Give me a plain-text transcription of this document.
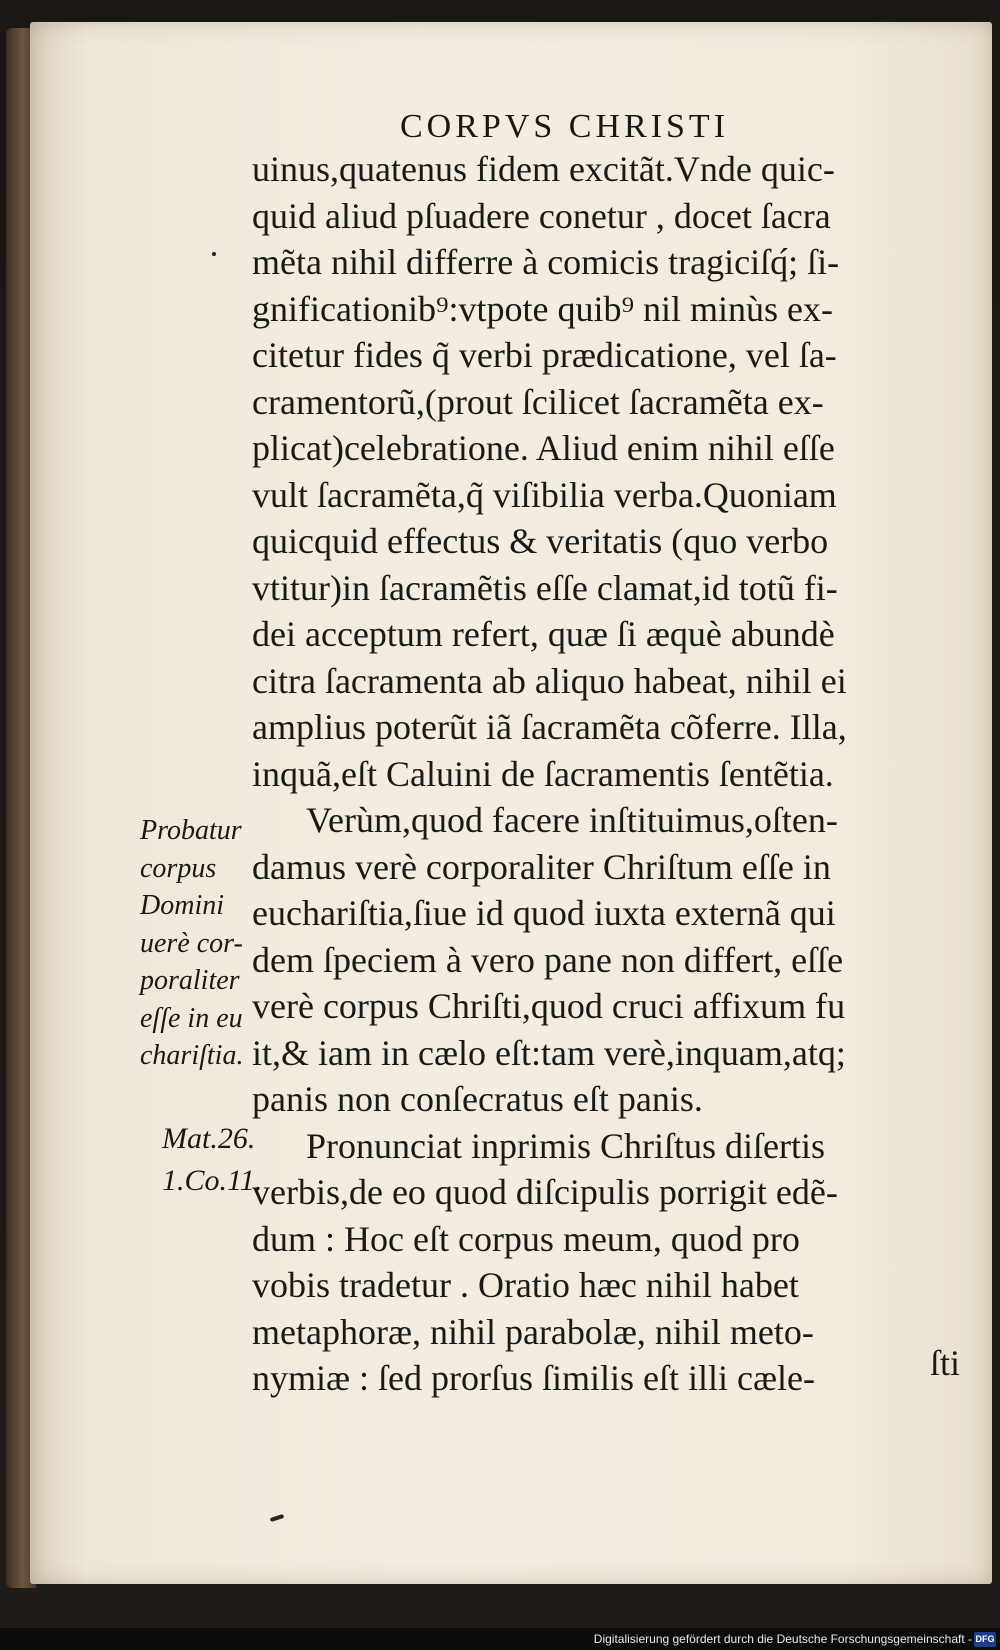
CORPVS CHRISTI
uinus,quatenus fidem excitãt.Vnde quic-
quid aliud pſuadere conetur , docet ſacra
mẽta nihil differre à comicis tragiciſq́; ſi-
gnificationib⁹:vtpote quib⁹ nil minùs ex-
citetur fides q̃ verbi prædicatione, vel ſa-
cramentorũ,(prout ſcilicet ſacramẽta ex-
plicat)celebratione. Aliud enim nihil eſſe
vult ſacramẽta,q̃ viſibilia verba.Quoniam
quicquid effectus & veritatis (quo verbo
vtitur)in ſacramẽtis eſſe clamat,id totũ fi-
dei acceptum refert, quæ ſi æquè abundè
citra ſacramenta ab aliquo habeat, nihil ei
amplius poterũt iã ſacramẽta cõferre. Illa,
inquã,eſt Caluini de ſacramentis ſentẽtia.
Verùm,quod facere inſtituimus,oſten-
damus verè corporaliter Chriſtum eſſe in
euchariſtia,ſiue id quod iuxta externã qui
dem ſpeciem à vero pane non differt, eſſe
verè corpus Chriſti,quod cruci affixum fu
it,& iam in cælo eſt:tam verè,inquam,atq;
panis non conſecratus eſt panis.
Pronunciat inprimis Chriſtus diſertis
verbis,de eo quod diſcipulis porrigit edẽ-
dum : Hoc eſt corpus meum, quod pro
vobis tradetur . Oratio hæc nihil habet
metaphoræ, nihil parabolæ, nihil meto-
nymiæ : ſed prorſus ſimilis eſt illi cæle-	ſti
Probatur
corpus
Domini
uerè cor-
poraliter
eſſe in eu
chariſtia.
Mat.26.
1.Co.11.
Digitalisierung gefördert durch die Deutsche Forschungsgemeinschaft - DFG
